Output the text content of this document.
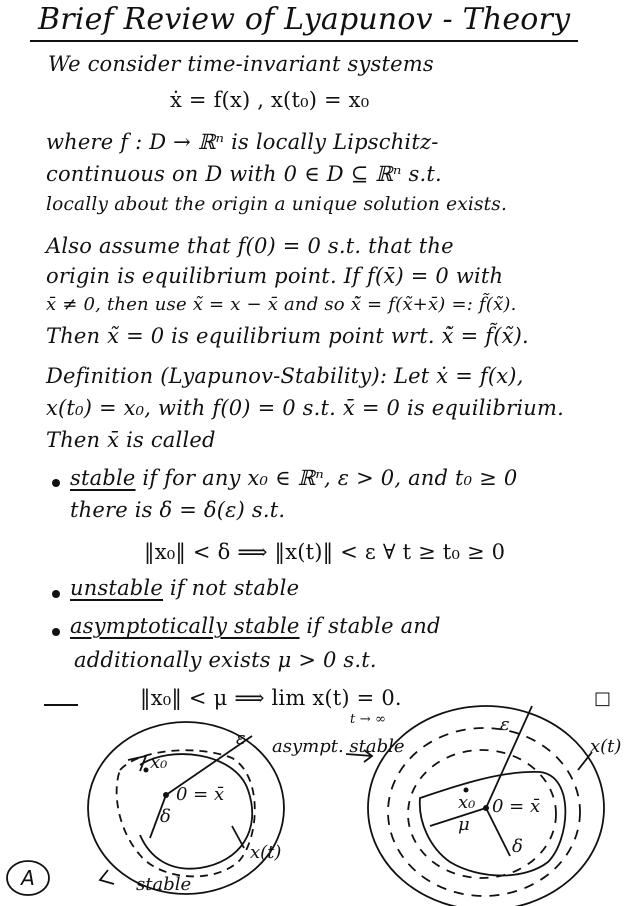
Brief Review of Lyapunov - Theory
We consider time-invariant systems
ẋ = f(x) , x(t₀) = x₀
where f : D → ℝⁿ is locally Lipschitz-
continuous on D with 0 ∈ D ⊆ ℝⁿ s.t.
locally about the origin a unique solution exists.
Also assume that f(0) = 0 s.t. that the
origin is equilibrium point. If f(x̄) = 0 with
x̄ ≠ 0, then use x̃ = x − x̄ and so x̃̇ = f(x̃+x̄) =: f̃(x̃).
Then x̃ = 0 is equilibrium point wrt. x̃̇ = f̃(x̃).
Definition (Lyapunov-Stability): Let ẋ = f(x),
x(t₀) = x₀, with f(0) = 0 s.t. x̄ = 0 is equilibrium.
Then x̄ is called
stable if for any x₀ ∈ ℝⁿ, ε > 0, and t₀ ≥ 0
there is δ = δ(ε) s.t.
‖x₀‖ < δ ⟹ ‖x(t)‖ < ε ∀ t ≥ t₀ ≥ 0
unstable if not stable
asymptotically stable if stable and
additionally exists μ > 0 s.t.
‖x₀‖ < μ ⟹ lim x(t) = 0.
t → ∞
□
ε
x₀
0 = x̄
δ
x(t)
stable
asympt. stable
ε
x₀ 0 = x̄
μ
δ
x(t)
A
